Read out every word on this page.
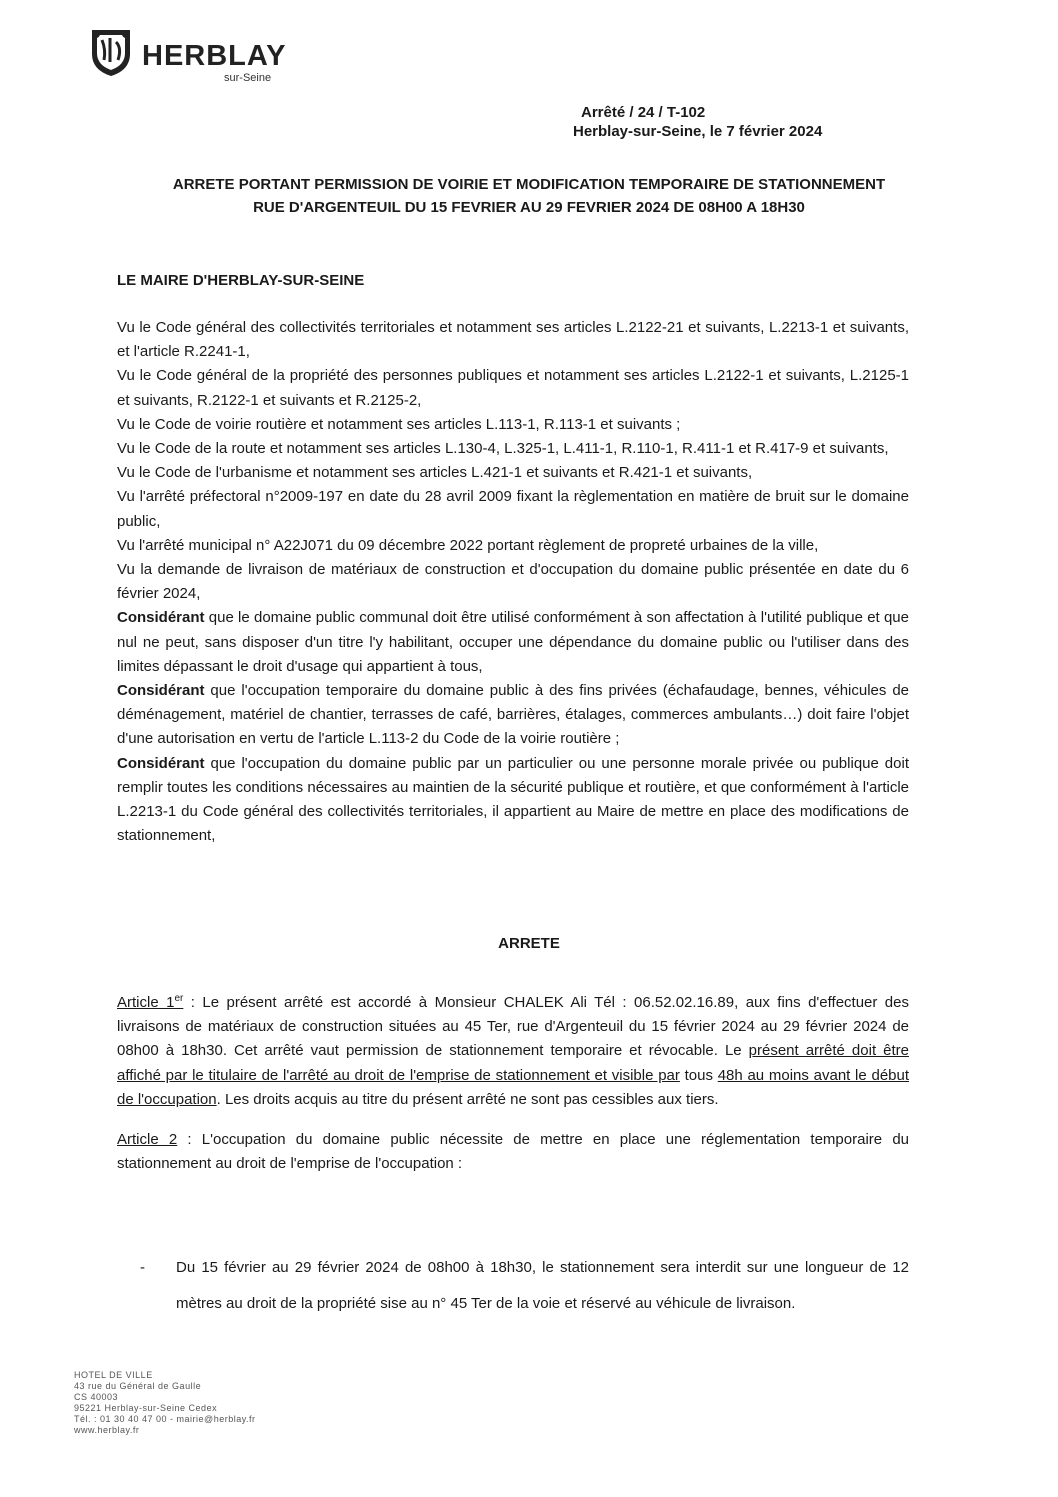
HERBLAY
sur-Seine
Arrêté / 24 / T-102
Herblay-sur-Seine, le 7 février 2024
ARRETE PORTANT PERMISSION DE VOIRIE ET MODIFICATION TEMPORAIRE DE STATIONNEMENT
RUE D'ARGENTEUIL DU 15 FEVRIER AU 29 FEVRIER 2024 DE 08H00 A 18H30
LE MAIRE D'HERBLAY-SUR-SEINE
Vu le Code général des collectivités territoriales et notamment ses articles L.2122-21 et suivants, L.2213-1 et suivants, et l'article R.2241-1,
Vu le Code général de la propriété des personnes publiques et notamment ses articles L.2122-1 et suivants, L.2125-1 et suivants, R.2122-1 et suivants et R.2125-2,
Vu le Code de voirie routière et notamment ses articles L.113-1, R.113-1 et suivants ;
Vu le Code de la route et notamment ses articles L.130-4, L.325-1, L.411-1, R.110-1, R.411-1 et R.417-9 et suivants,
Vu le Code de l'urbanisme et notamment ses articles L.421-1 et suivants et R.421-1 et suivants,
Vu l'arrêté préfectoral n°2009-197 en date du 28 avril 2009 fixant la règlementation en matière de bruit sur le domaine public,
Vu l'arrêté municipal n° A22J071 du 09 décembre 2022 portant règlement de propreté urbaines de la ville,
Vu la demande de livraison de matériaux de construction et d'occupation du domaine public présentée en date du 6 février 2024,
Considérant que le domaine public communal doit être utilisé conformément à son affectation à l'utilité publique et que nul ne peut, sans disposer d'un titre l'y habilitant, occuper une dépendance du domaine public ou l'utiliser dans des limites dépassant le droit d'usage qui appartient à tous,
Considérant que l'occupation temporaire du domaine public à des fins privées (échafaudage, bennes, véhicules de déménagement, matériel de chantier, terrasses de café, barrières, étalages, commerces ambulants…) doit faire l'objet d'une autorisation en vertu de l'article L.113-2 du Code de la voirie routière ;
Considérant que l'occupation du domaine public par un particulier ou une personne morale privée ou publique doit remplir toutes les conditions nécessaires au maintien de la sécurité publique et routière, et que conformément à l'article L.2213-1 du Code général des collectivités territoriales, il appartient au Maire de mettre en place des modifications de stationnement,
ARRETE

Article 1er : Le présent arrêté est accordé à Monsieur CHALEK Ali Tél : 06.52.02.16.89, aux fins d'effectuer des livraisons de matériaux de construction situées au 45 Ter, rue d'Argenteuil du 15 février 2024 au 29 février 2024 de 08h00 à 18h30. Cet arrêté vaut permission de stationnement temporaire et révocable. Le présent arrêté doit être affiché par le titulaire de l'arrêté au droit de l'emprise de stationnement et visible par tous 48h au moins avant le début de l'occupation. Les droits acquis au titre du présent arrêté ne sont pas cessibles aux tiers.

Article 2 : L'occupation du domaine public nécessite de mettre en place une réglementation temporaire du stationnement au droit de l'emprise de l'occupation :

- Du 15 février au 29 février 2024 de 08h00 à 18h30, le stationnement sera interdit sur une longueur de 12 mètres au droit de la propriété sise au n° 45 Ter de la voie et réservé au véhicule de livraison.
HOTEL DE VILLE
43 rue du Général de Gaulle
CS 40003
95221 Herblay-sur-Seine Cedex
Tél. : 01 30 40 47 00 - mairie@herblay.fr
www.herblay.fr
